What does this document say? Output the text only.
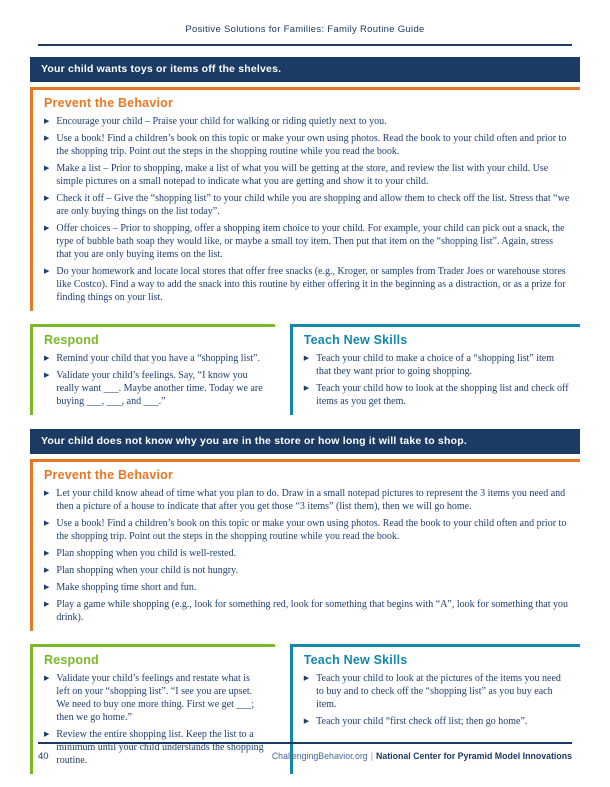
Positive Solutions for Families: Family Routine Guide
Your child wants toys or items off the shelves.
Prevent the Behavior
▶ Encourage your child – Praise your child for walking or riding quietly next to you.
▶ Use a book! Find a children’s book on this topic or make your own using photos. Read the book to your child often and prior to the shopping trip. Point out the steps in the shopping routine while you read the book.
▶ Make a list – Prior to shopping, make a list of what you will be getting at the store, and review the list with your child. Use simple pictures on a small notepad to indicate what you are getting and show it to your child.
▶ Check it off – Give the “shopping list” to your child while you are shopping and allow them to check off the list. Stress that “we are only buying things on the list today”.
▶ Offer choices – Prior to shopping, offer a shopping item choice to your child. For example, your child can pick out a snack, the type of bubble bath soap they would like, or maybe a small toy item. Then put that item on the “shopping list”. Again, stress that you are only buying items on the list.
▶ Do your homework and locate local stores that offer free snacks (e.g., Kroger, or samples from Trader Joes or warehouse stores like Costco). Find a way to add the snack into this routine by either offering it in the beginning as a distraction, or as a prize for finding things on your list.
Respond
▶ Remind your child that you have a “shopping list”.
▶ Validate your child’s feelings. Say, “I know you really want ___. Maybe another time. Today we are buying ___, ___, and ___.”
Teach New Skills
▶ Teach your child to make a choice of a “shopping list” item that they want prior to going shopping.
▶ Teach your child how to look at the shopping list and check off items as you get them.
Your child does not know why you are in the store or how long it will take to shop.
Prevent the Behavior
▶ Let your child know ahead of time what you plan to do. Draw in a small notepad pictures to represent the 3 items you need and then a picture of a house to indicate that after you get those “3 items” (list them), then we will go home.
▶ Use a book! Find a children’s book on this topic or make your own using photos. Read the book to your child often and prior to the shopping trip. Point out the steps in the shopping routine while you read the book.
▶ Plan shopping when you child is well-rested.
▶ Plan shopping when your child is not hungry.
▶ Make shopping time short and fun.
▶ Play a game while shopping (e.g., look for something red, look for something that begins with “A”, look for something that you drink).
Respond
▶ Validate your child’s feelings and restate what is left on your “shopping list”. “I see you are upset. We need to buy one more thing. First we get ___; then we go home.”
▶ Review the entire shopping list. Keep the list to a minimum until your child understands the shopping routine.
Teach New Skills
▶ Teach your child to look at the pictures of the items you need to buy and to check off the “shopping list” as you buy each item.
▶ Teach your child “first check off list; then go home”.
40	ChallengingBehavior.org | National Center for Pyramid Model Innovations
